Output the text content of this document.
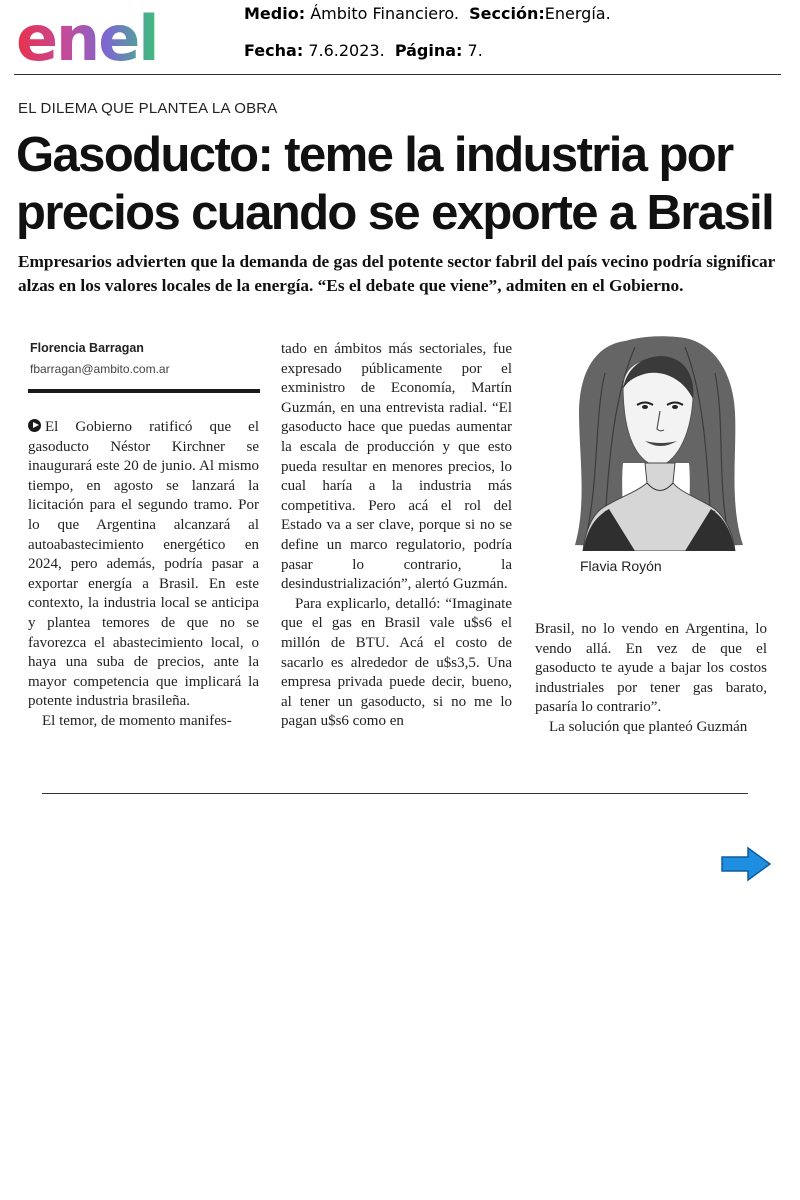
enel	Medio: Ámbito Financiero. Sección:Energía.
Fecha: 7.6.2023. Página: 7.
EL DILEMA QUE PLANTEA LA OBRA
Gasoducto: teme la industria por precios cuando se exporte a Brasil
Empresarios advierten que la demanda de gas del potente sector fabril del país vecino podría significar alzas en los valores locales de la energía. “Es el debate que viene”, admiten en el Gobierno.
Florencia Barragan
fbarragan@ambito.com.ar

El Gobierno ratificó que el gasoducto Néstor Kirchner se inaugurará este 20 de junio. Al mismo tiempo, en agosto se lanzará la licitación para el segundo tramo. Por lo que Argentina alcanzará al autoabastecimiento energético en 2024, pero además, podría pasar a exportar energía a Brasil. En este contexto, la industria local se anticipa y plantea temores de que no se favorezca el abastecimiento local, o haya una suba de precios, ante la mayor competencia que implicará la potente industria brasileña.

El temor, de momento manifes-

tado en ámbitos más sectoriales, fue expresado públicamente por el exministro de Economía, Martín Guzmán, en una entrevista radial. “El gasoducto hace que puedas aumentar la escala de producción y que esto pueda resultar en menores precios, lo cual haría a la industria más competitiva. Pero acá el rol del Estado va a ser clave, porque si no se define un marco regulatorio, podría pasar lo contrario, la desindustrialización”, alertó Guzmán.

Para explicarlo, detalló: “Imaginate que el gas en Brasil vale u$s6 el millón de BTU. Acá el costo de sacarlo es alrededor de u$s3,5. Una empresa privada puede decir, bueno, al tener un gasoducto, si no me lo pagan u$s6 como en

Flavia Royón

Brasil, no lo vendo en Argentina, lo vendo allá. En vez de que el gasoducto te ayude a bajar los costos industriales por tener gas barato, pasaría lo contrario”.

La solución que planteó Guzmán
